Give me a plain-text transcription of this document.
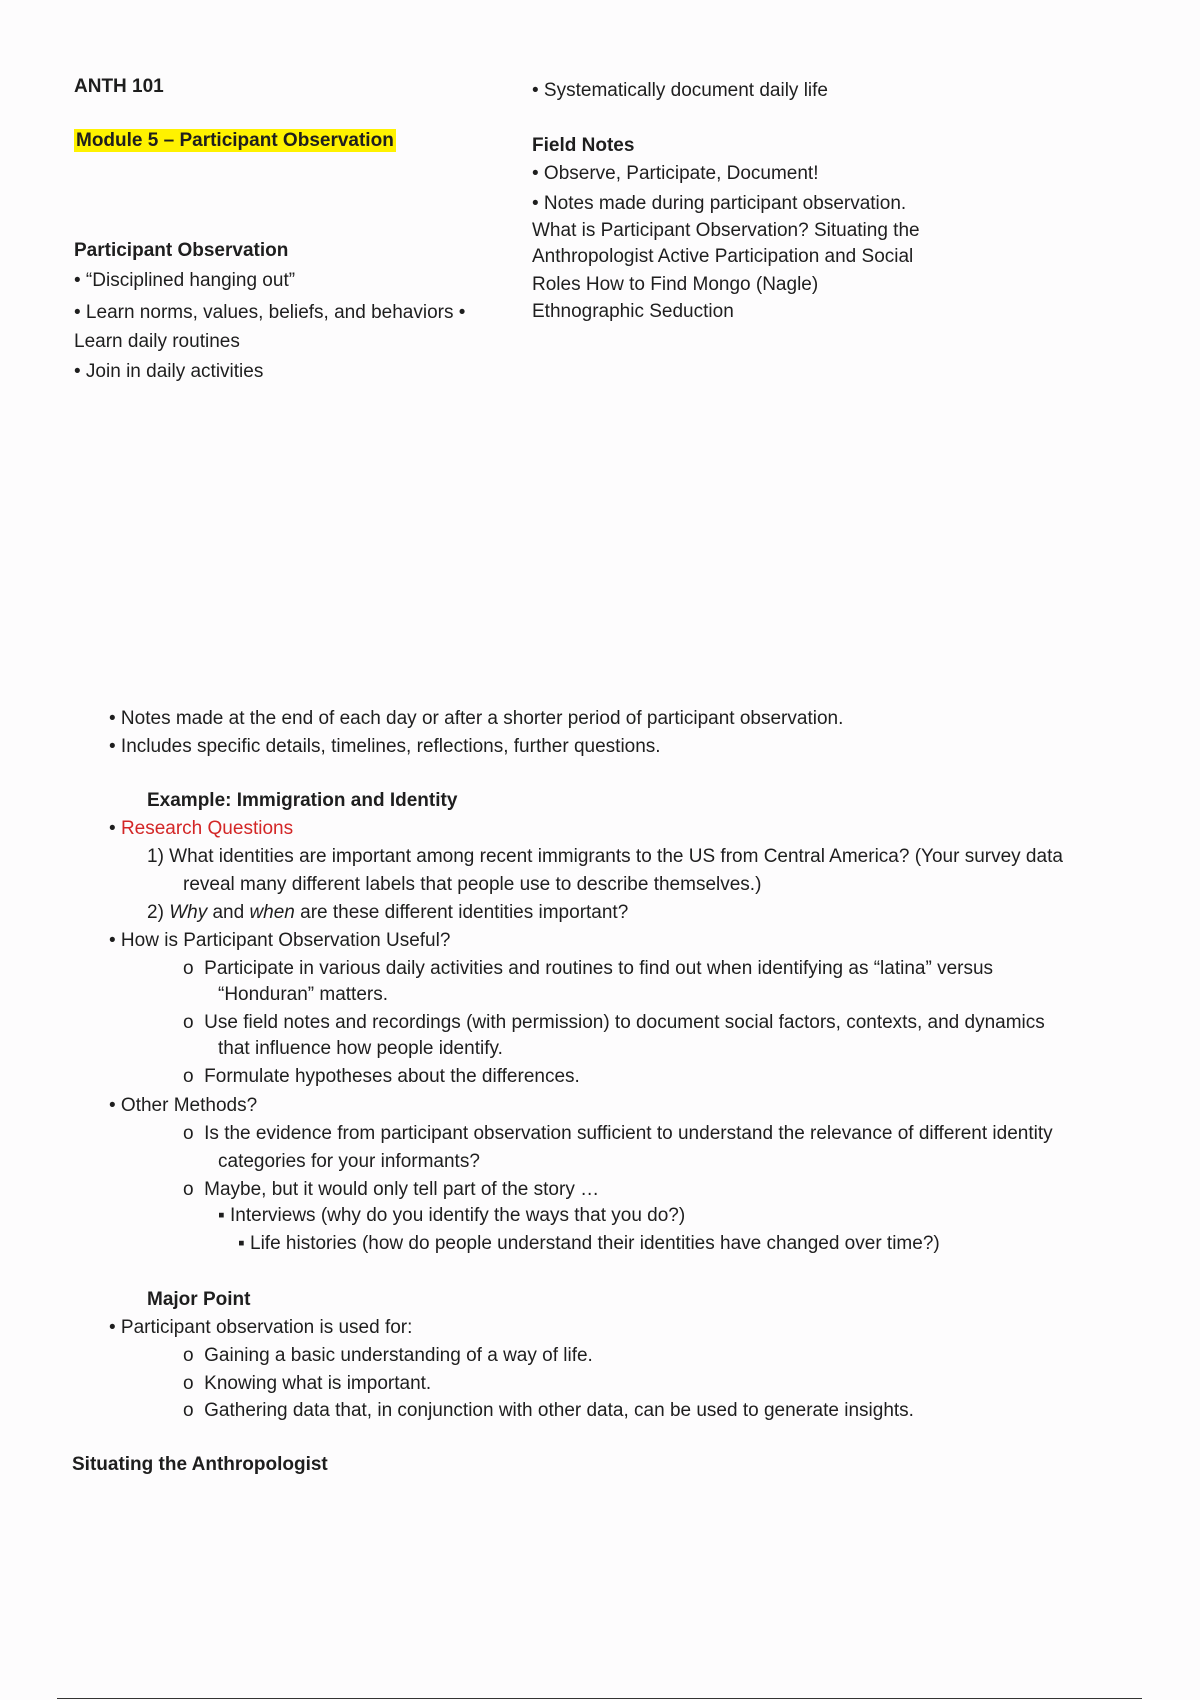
ANTH 101
Module 5 – Participant Observation
Participant Observation
• “Disciplined hanging out”
• Learn norms, values, beliefs, and behaviors •
Learn daily routines
• Join in daily activities
• Systematically document daily life
Field Notes
• Observe, Participate, Document!
• Notes made during participant observation.
What is Participant Observation? Situating the
Anthropologist Active Participation and Social
Roles How to Find Mongo (Nagle)
Ethnographic Seduction
• Notes made at the end of each day or after a shorter period of participant observation.
• Includes specific details, timelines, reflections, further questions.
Example: Immigration and Identity
• Research Questions
1) What identities are important among recent immigrants to the US from Central America? (Your survey data
reveal many different labels that people use to describe themselves.)
2) Why and when are these different identities important?
• How is Participant Observation Useful?
o Participate in various daily activities and routines to find out when identifying as “latina” versus
“Honduran” matters.
o Use field notes and recordings (with permission) to document social factors, contexts, and dynamics
that influence how people identify.
o Formulate hypotheses about the differences.
• Other Methods?
o Is the evidence from participant observation sufficient to understand the relevance of different identity
categories for your informants?
o Maybe, but it would only tell part of the story …
▪ Interviews (why do you identify the ways that you do?)
▪ Life histories (how do people understand their identities have changed over time?)
Major Point
• Participant observation is used for:
o Gaining a basic understanding of a way of life.
o Knowing what is important.
o Gathering data that, in conjunction with other data, can be used to generate insights.
Situating the Anthropologist
